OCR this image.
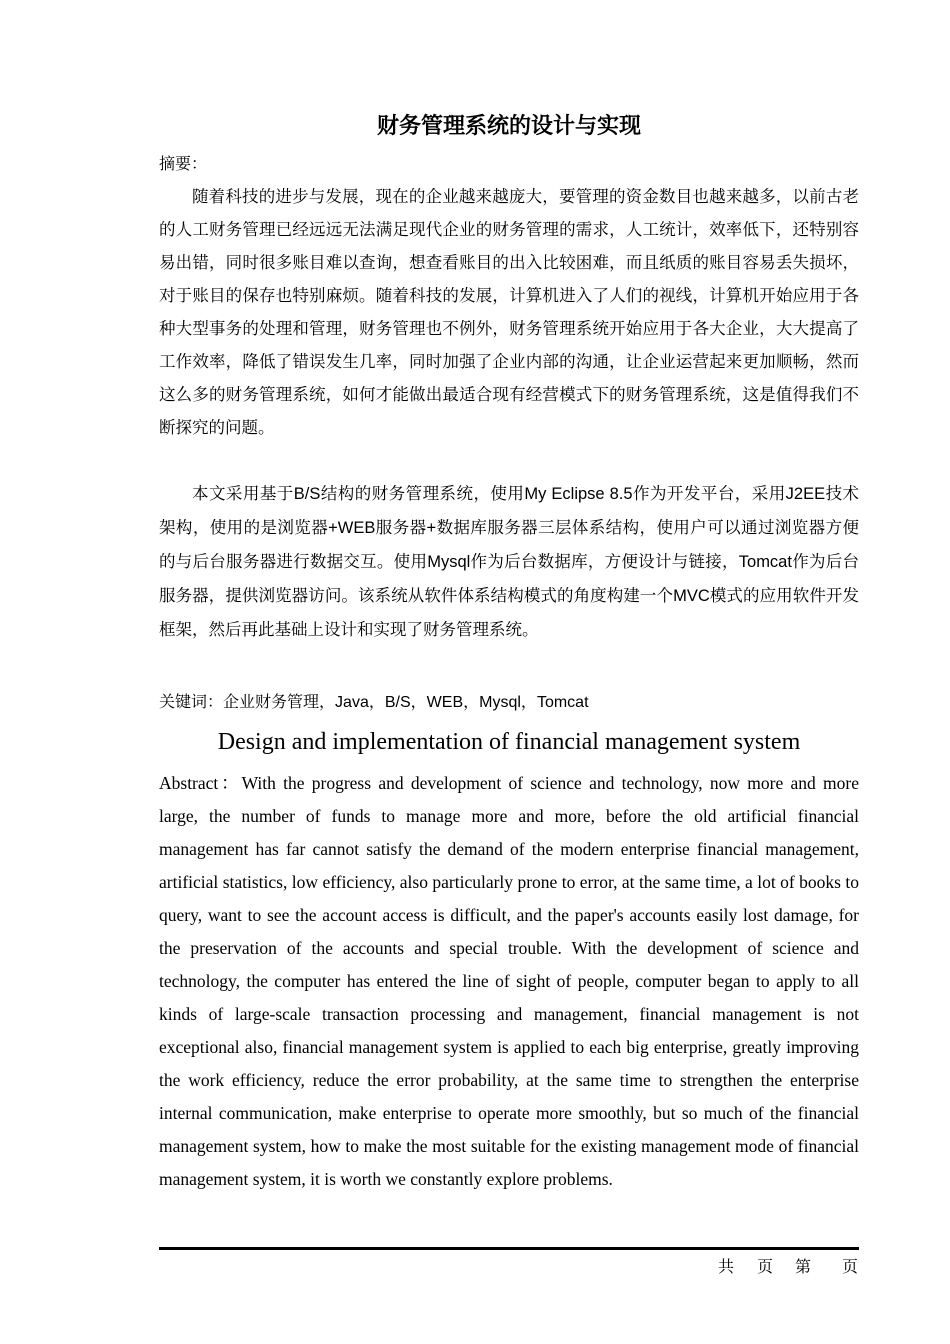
财务管理系统的设计与实现
摘要：

随着科技的进步与发展，现在的企业越来越庞大，要管理的资金数目也越来越多，以前古老的人工财务管理已经远远无法满足现代企业的财务管理的需求，人工统计，效率低下，还特别容易出错，同时很多账目难以查询，想查看账目的出入比较困难，而且纸质的账目容易丢失损坏，对于账目的保存也特别麻烦。随着科技的发展，计算机进入了人们的视线，计算机开始应用于各种大型事务的处理和管理，财务管理也不例外，财务管理系统开始应用于各大企业，大大提高了工作效率，降低了错误发生几率，同时加强了企业内部的沟通，让企业运营起来更加顺畅，然而这么多的财务管理系统，如何才能做出最适合现有经营模式下的财务管理系统，这是值得我们不断探究的问题。

本文采用基于B/S结构的财务管理系统，使用My Eclipse 8.5作为开发平台，采用J2EE技术架构，使用的是浏览器+WEB服务器+数据库服务器三层体系结构，使用户可以通过浏览器方便的与后台服务器进行数据交互。使用Mysql作为后台数据库，方便设计与链接，Tomcat作为后台服务器，提供浏览器访问。该系统从软件体系结构模式的角度构建一个MVC模式的应用软件开发框架，然后再此基础上设计和实现了财务管理系统。

关键词：企业财务管理，Java，B/S，WEB，Mysql，Tomcat
Design and implementation of financial management system

Abstract：With the progress and development of science and technology, now more and more large, the number of funds to manage more and more, before the old artificial financial management has far cannot satisfy the demand of the modern enterprise financial management, artificial statistics, low efficiency, also particularly prone to error, at the same time, a lot of books to query, want to see the account access is difficult, and the paper's accounts easily lost damage, for the preservation of the accounts and special trouble. With the development of science and technology, the computer has entered the line of sight of people, computer began to apply to all kinds of large-scale transaction processing and management, financial management is not exceptional also, financial management system is applied to each big enterprise, greatly improving the work efficiency, reduce the error probability, at the same time to strengthen the enterprise internal communication, make enterprise to operate more smoothly, but so much of the financial management system, how to make the most suitable for the existing management mode of financial management system, it is worth we constantly explore problems.

共 页 第 页
